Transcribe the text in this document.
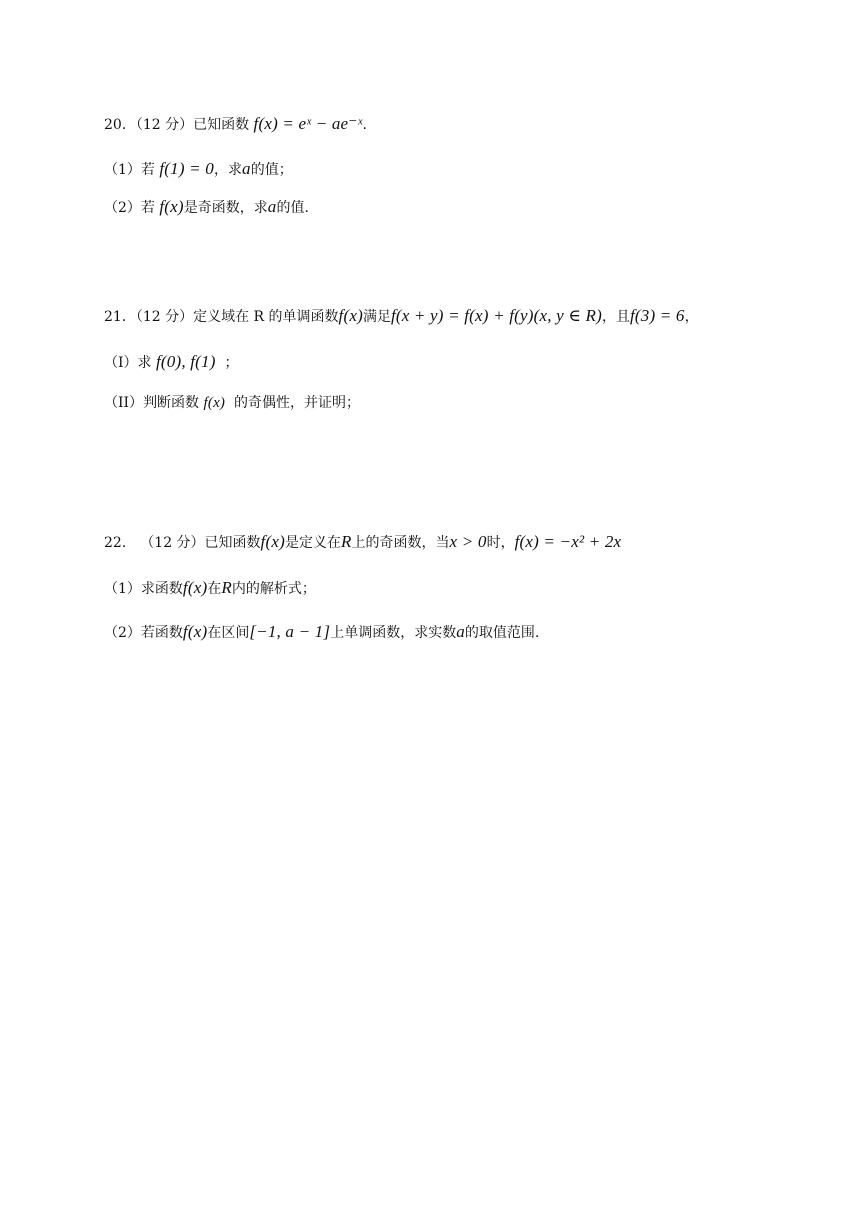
20．（12 分）已知函数 f(x) = eˣ − ae⁻ˣ.
（1）若 f(1) = 0，求a的值；
（2）若 f(x)是奇函数，求a的值.
21．（12 分）定义域在 R 的单调函数f(x)满足f(x + y) = f(x) + f(y)(x, y ∈ R)，且f(3) = 6，
（I）求 f(0), f(1) ；
（II）判断函数 f(x) 的奇偶性，并证明；
22． （12 分）已知函数f(x)是定义在R上的奇函数，当x > 0时，f(x) = −x² + 2x
（1）求函数f(x)在R内的解析式；
（2）若函数f(x)在区间[−1, a − 1]上单调函数，求实数a的取值范围.
